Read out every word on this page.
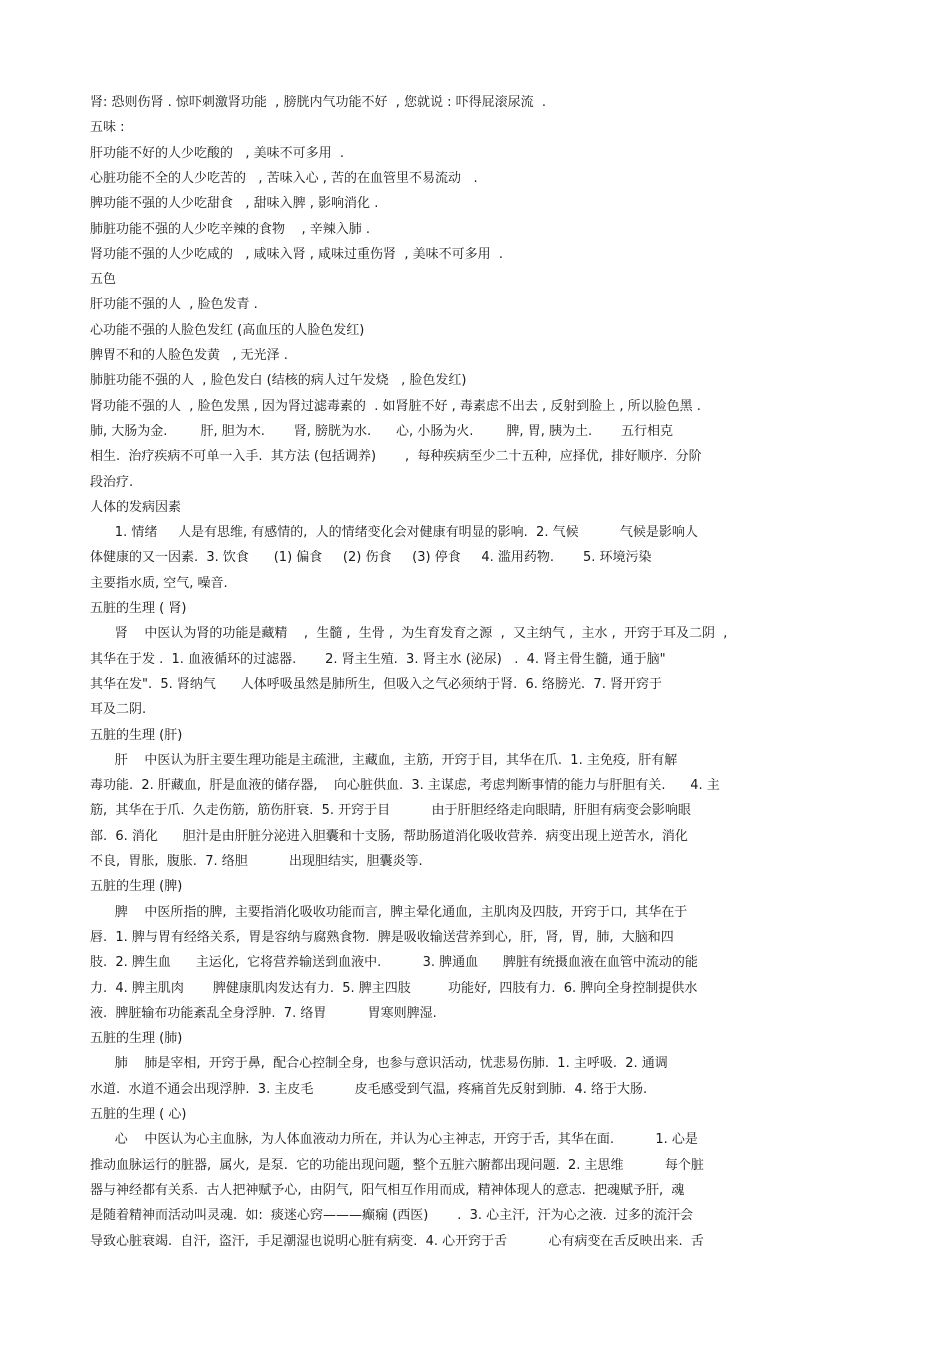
肾: 恐则伤肾 . 惊吓刺激肾功能  , 膀胱内气功能不好  , 您就说 : 吓得屁滚尿流  .
五味 :
肝功能不好的人少吃酸的   , 美味不可多用  .
心脏功能不全的人少吃苦的   , 苦味入心 , 苦的在血管里不易流动   .
脾功能不强的人少吃甜食   , 甜味入脾 , 影响消化 .
肺脏功能不强的人少吃辛辣的食物    , 辛辣入肺 .
肾功能不强的人少吃咸的   , 咸味入肾 , 咸味过重伤肾  , 美味不可多用  .
五色
肝功能不强的人  , 脸色发青 .
心功能不强的人脸色发红 (高血压的人脸色发红)
脾胃不和的人脸色发黄   , 无光泽 .
肺脏功能不强的人  , 脸色发白 (结核的病人过午发烧   , 脸色发红)
肾功能不强的人  , 脸色发黑 , 因为肾过滤毒素的  . 如肾脏不好 , 毒素虑不出去 , 反射到脸上 , 所以脸色黑 .
肺, 大肠为金.        肝, 胆为木.       肾, 膀胱为水.      心, 小肠为火.        脾, 胃, 胰为土.       五行相克
相生.  治疗疾病不可单一入手.  其方法 (包括调养)       ,  每种疾病至少二十五种,  应择优,  排好顺序.  分阶
段治疗.
人体的发病因素
1. 情绪     人是有思维, 有感情的,  人的情绪变化会对健康有明显的影响.  2. 气候          气候是影响人
体健康的又一因素.  3. 饮食      (1) 偏食     (2) 伤食     (3) 停食     4. 滥用药物.       5. 环境污染
主要指水质, 空气, 噪音.
五脏的生理 ( 肾)
肾    中医认为肾的功能是藏精    ,  生髓 ,  生骨 ,  为生育发育之源  ,  又主纳气 ,  主水 ,  开窍于耳及二阴  ,
其华在于发 .  1. 血液循环的过滤器.       2. 肾主生殖.  3. 肾主水 (泌尿)   .  4. 肾主骨生髓,  通于脑"
其华在发".  5. 肾纳气      人体呼吸虽然是肺所生,  但吸入之气必须纳于肾.  6. 络膀光.  7. 肾开窍于
耳及二阴.
五脏的生理 (肝)
肝    中医认为肝主要生理功能是主疏泄,  主藏血,  主筋,  开窍于目,  其华在爪.  1. 主免疫,  肝有解
毒功能.  2. 肝藏血,  肝是血液的储存器,    向心脏供血.  3. 主谋虑,  考虑判断事情的能力与肝胆有关.      4. 主
筋,  其华在于爪.  久走伤筋,  筋伤肝衰.  5. 开窍于目          由于肝胆经络走向眼睛,  肝胆有病变会影响眼
部.  6. 消化      胆汁是由肝脏分泌进入胆囊和十支肠,  帮助肠道消化吸收营养.  病变出现上逆苦水,  消化
不良,  胃胀,  腹胀.  7. 络胆          出现胆结实,  胆囊炎等.
五脏的生理 (脾)
脾    中医所指的脾,  主要指消化吸收功能而言,  脾主晕化通血,  主肌肉及四肢,  开窍于口,  其华在于
唇.  1. 脾与胃有经络关系,  胃是容纳与腐熟食物.  脾是吸收输送营养到心,  肝,  肾,  胃,  肺,  大脑和四
肢.  2. 脾生血      主运化,  它将营养输送到血液中.          3. 脾通血      脾脏有统摄血液在血管中流动的能
力.  4. 脾主肌肉       脾健康肌肉发达有力.  5. 脾主四肢         功能好,  四肢有力.  6. 脾向全身控制提供水
液.  脾脏输布功能紊乱全身浮肿.  7. 络胃          胃寒则脾湿.
五脏的生理 (肺)
肺    肺是宰相,  开窍于鼻,  配合心控制全身,  也参与意识活动,  忧悲易伤肺.  1. 主呼吸.  2. 通调
水道.  水道不通会出现浮肿.  3. 主皮毛          皮毛感受到气温,  疼痛首先反射到肺.  4. 络于大肠.
五脏的生理 ( 心)
心    中医认为心主血脉,  为人体血液动力所在,  并认为心主神志,  开窍于舌,  其华在面.          1. 心是
推动血脉运行的脏器,  属火,  是泵.  它的功能出现问题,  整个五脏六腑都出现问题.  2. 主思维          每个脏
器与神经都有关系.  古人把神赋予心,  由阴气,  阳气相互作用而成,  精神体现人的意志.  把魂赋予肝,  魂
是随着精神而活动叫灵魂.  如:  痰迷心窍———癫痫 (西医)       .  3. 心主汗,  汗为心之液.  过多的流汗会
导致心脏衰竭.  自汗,  盗汗,  手足潮湿也说明心脏有病变.  4. 心开窍于舌          心有病变在舌反映出来.  舌
